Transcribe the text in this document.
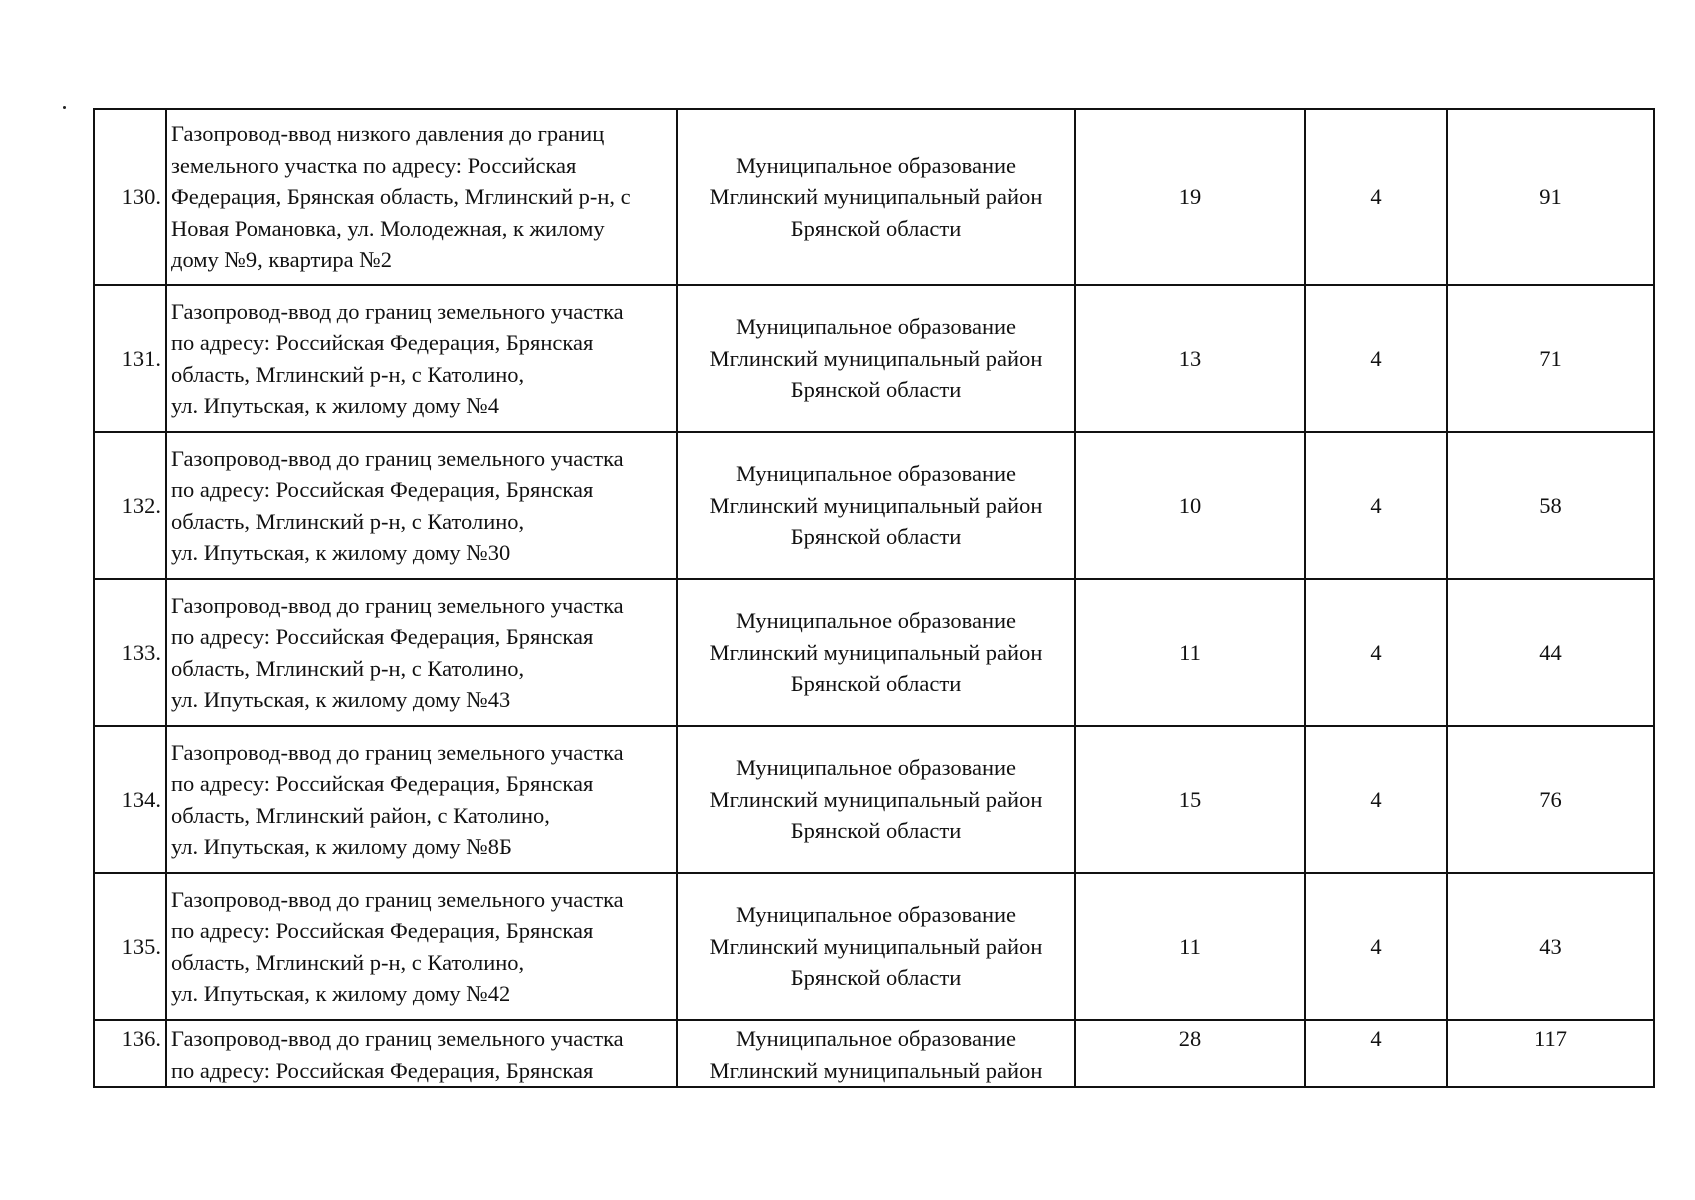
130.	Газопровод-ввод низкого давления до границ
земельного участка по адресу: Российская
Федерация, Брянская область, Мглинский р-н, с
Новая Романовка, ул. Молодежная, к жилому
дому №9, квартира №2	Муниципальное образование
Мглинский муниципальный район
Брянской области	19	4	91
131.	Газопровод-ввод до границ земельного участка
по адресу: Российская Федерация, Брянская
область, Мглинский р-н, с Католино,
ул. Ипутьская, к жилому дому №4	Муниципальное образование
Мглинский муниципальный район
Брянской области	13	4	71
132.	Газопровод-ввод до границ земельного участка
по адресу: Российская Федерация, Брянская
область, Мглинский р-н, с Католино,
ул. Ипутьская, к жилому дому №30	Муниципальное образование
Мглинский муниципальный район
Брянской области	10	4	58
133.	Газопровод-ввод до границ земельного участка
по адресу: Российская Федерация, Брянская
область, Мглинский р-н, с Католино,
ул. Ипутьская, к жилому дому №43	Муниципальное образование
Мглинский муниципальный район
Брянской области	11	4	44
134.	Газопровод-ввод до границ земельного участка
по адресу: Российская Федерация, Брянская
область, Мглинский район, с Католино,
ул. Ипутьская, к жилому дому №8Б	Муниципальное образование
Мглинский муниципальный район
Брянской области	15	4	76
135.	Газопровод-ввод до границ земельного участка
по адресу: Российская Федерация, Брянская
область, Мглинский р-н, с Католино,
ул. Ипутьская, к жилому дому №42	Муниципальное образование
Мглинский муниципальный район
Брянской области	11	4	43
136.	Газопровод-ввод до границ земельного участка
по адресу: Российская Федерация, Брянская	Муниципальное образование
Мглинский муниципальный район	28	4	117
